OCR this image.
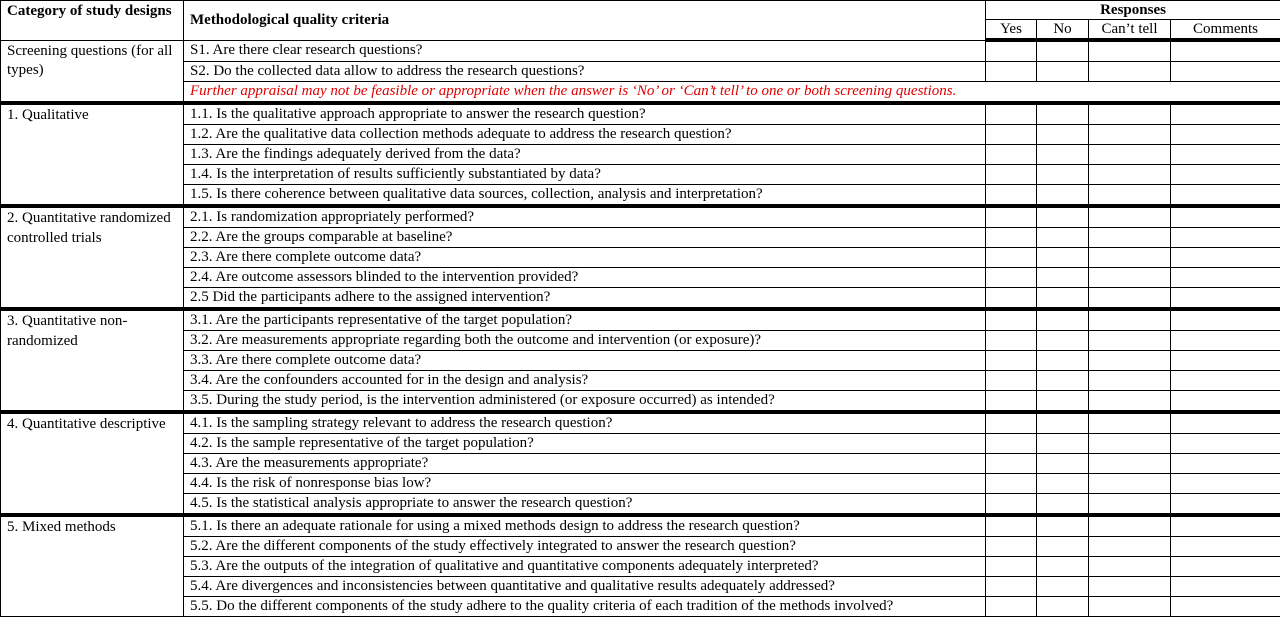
Category of study designs	Methodological quality criteria	Responses			
		Yes	No	Can’t tell	Comments
Screening questions (for all types)	S1. Are there clear research questions?				
	S2. Do the collected data allow to address the research questions?				
	Further appraisal may not be feasible or appropriate when the answer is ‘No’ or ‘Can’t tell’ to one or both screening questions.				
1. Qualitative	1.1. Is the qualitative approach appropriate to answer the research question?				
	1.2. Are the qualitative data collection methods adequate to address the research question?				
	1.3. Are the findings adequately derived from the data?				
	1.4. Is the interpretation of results sufficiently substantiated by data?				
	1.5. Is there coherence between qualitative data sources, collection, analysis and interpretation?				
2. Quantitative randomized controlled trials	2.1. Is randomization appropriately performed?				
	2.2. Are the groups comparable at baseline?				
	2.3. Are there complete outcome data?				
	2.4. Are outcome assessors blinded to the intervention provided?				
	2.5 Did the participants adhere to the assigned intervention?				
3. Quantitative non-randomized	3.1. Are the participants representative of the target population?				
	3.2. Are measurements appropriate regarding both the outcome and intervention (or exposure)?				
	3.3. Are there complete outcome data?				
	3.4. Are the confounders accounted for in the design and analysis?				
	3.5. During the study period, is the intervention administered (or exposure occurred) as intended?				
4. Quantitative descriptive	4.1. Is the sampling strategy relevant to address the research question?				
	4.2. Is the sample representative of the target population?				
	4.3. Are the measurements appropriate?				
	4.4. Is the risk of nonresponse bias low?				
	4.5. Is the statistical analysis appropriate to answer the research question?				
5. Mixed methods	5.1. Is there an adequate rationale for using a mixed methods design to address the research question?				
	5.2. Are the different components of the study effectively integrated to answer the research question?				
	5.3. Are the outputs of the integration of qualitative and quantitative components adequately interpreted?				
	5.4. Are divergences and inconsistencies between quantitative and qualitative results adequately addressed?				
	5.5. Do the different components of the study adhere to the quality criteria of each tradition of the methods involved?				
